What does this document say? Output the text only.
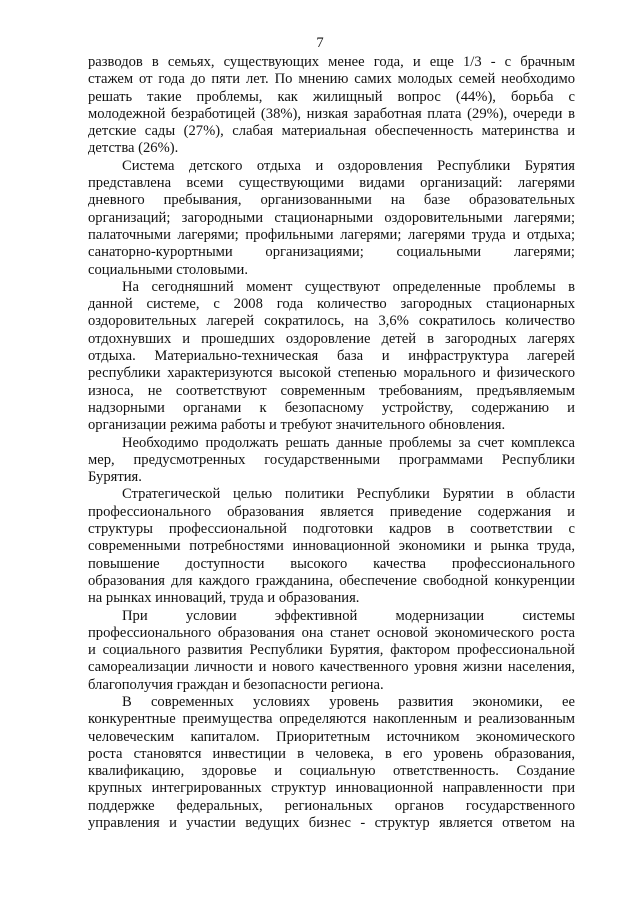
7
разводов в семьях, существующих менее года, и еще 1/3 - с брачным
стажем от года до пяти лет. По мнению самих молодых семей необходимо
решать такие проблемы, как жилищный вопрос (44%), борьба с
молодежной безработицей (38%), низкая заработная плата (29%), очереди в
детские сады (27%), слабая материальная обеспеченность материнства и
детства (26%).
Система детского отдыха и оздоровления Республики Бурятия
представлена всеми существующими видами организаций: лагерями
дневного пребывания, организованными на базе образовательных
организаций; загородными стационарными оздоровительными лагерями;
палаточными лагерями; профильными лагерями; лагерями труда и отдыха;
санаторно-курортными организациями; социальными лагерями;
социальными столовыми.
На сегодняшний момент существуют определенные проблемы в
данной системе, с 2008 года количество загородных стационарных
оздоровительных лагерей сократилось, на 3,6% сократилось количество
отдохнувших и прошедших оздоровление детей в загородных лагерях
отдыха. Материально-техническая база и инфраструктура лагерей
республики характеризуются высокой степенью морального и физического
износа, не соответствуют современным требованиям, предъявляемым
надзорными органами к безопасному устройству, содержанию и
организации режима работы и требуют значительного обновления.
Необходимо продолжать решать данные проблемы за счет комплекса
мер, предусмотренных государственными программами Республики
Бурятия.
Стратегической целью политики Республики Бурятии в области
профессионального образования является приведение содержания и
структуры профессиональной подготовки кадров в соответствии с
современными потребностями инновационной экономики и рынка труда,
повышение доступности высокого качества профессионального
образования для каждого гражданина, обеспечение свободной конкуренции
на рынках инноваций, труда и образования.
При условии эффективной модернизации системы
профессионального образования она станет основой экономического роста
и социального развития Республики Бурятия, фактором профессиональной
самореализации личности и нового качественного уровня жизни населения,
благополучия граждан и безопасности региона.
В современных условиях уровень развития экономики, ее
конкурентные преимущества определяются накопленным и реализованным
человеческим капиталом. Приоритетным источником экономического
роста становятся инвестиции в человека, в его уровень образования,
квалификацию, здоровье и социальную ответственность. Создание
крупных интегрированных структур инновационной направленности при
поддержке федеральных, региональных органов государственного
управления и участии ведущих бизнес - структур является ответом на
